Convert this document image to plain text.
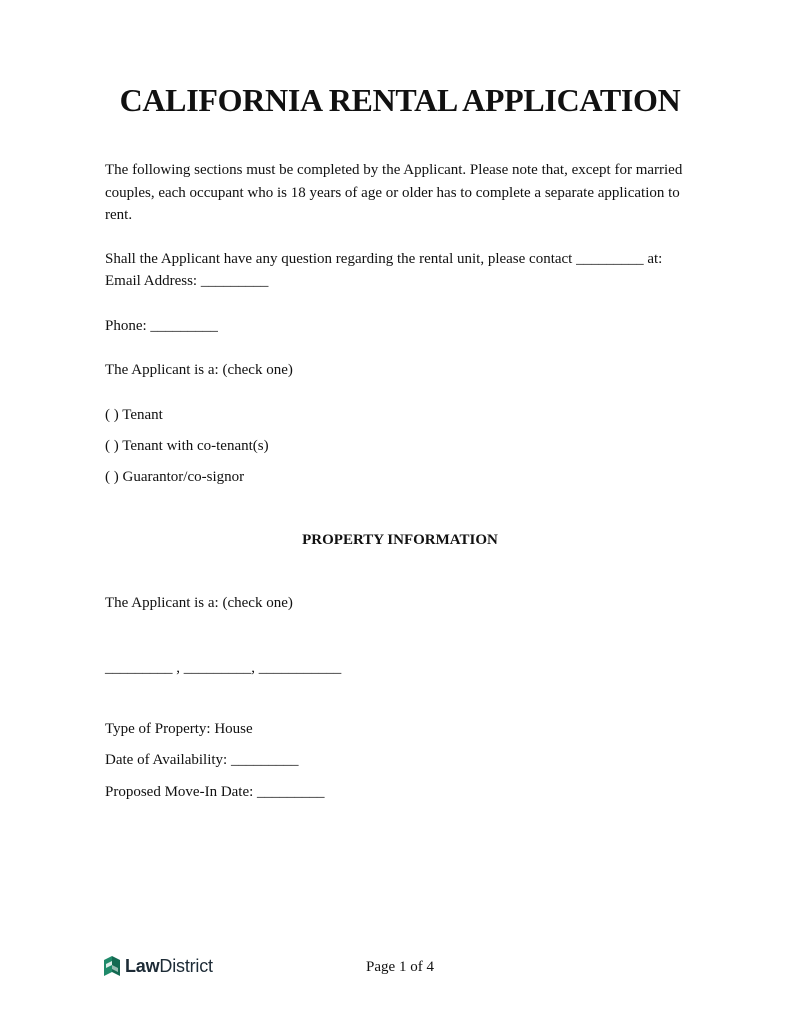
CALIFORNIA RENTAL APPLICATION
The following sections must be completed by the Applicant. Please note that, except for married couples, each occupant who is 18 years of age or older has to complete a separate application to rent.
Shall the Applicant have any question regarding the rental unit, please contact _________ at:
Email Address: _________
Phone: _________
The Applicant is a: (check one)
( ) Tenant
( ) Tenant with co-tenant(s)
( ) Guarantor/co-signor
PROPERTY INFORMATION
The Applicant is a: (check one)
_________ , _________, ___________
Type of Property: House
Date of Availability: _________
Proposed Move-In Date: _________
LawDistrict	Page 1 of 4
